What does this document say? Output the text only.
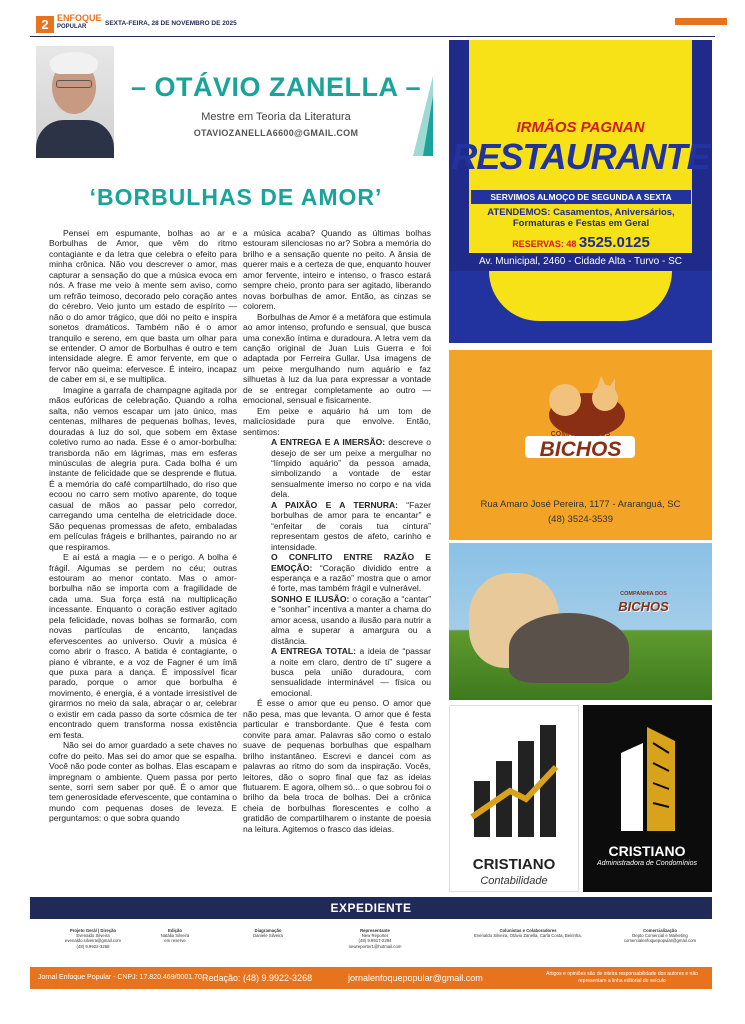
2 ENFOQUE
POPULAR	SEXTA-FEIRA, 28 DE NOVEMBRO DE 2025
– OTÁVIO ZANELLA –
Mestre em Teoria da Literatura
OTAVIOZANELLA6600@GMAIL.COM
‘BORBULHAS DE AMOR’

Pensei em espumante, bolhas ao ar e Borbulhas de Amor, que vêm do ritmo contagiante e da letra que celebra o efeito para minha crônica. Não vou descrever o amor, mas capturar a sensação do que a música evoca em nós. A frase me veio à mente sem aviso, como um refrão teimoso, decorado pelo coração antes do cérebro. Veio junto um estado de espírito — não o do amor trágico, que dói no peito e inspira sonetos dramáticos. Também não é o amor tranquilo e sereno, em que basta um olhar para se entender. O amor de Borbulhas é outro e tem intensidade alegre. É amor fervente, em que o fervor não queima: efervesce. É inteiro, incapaz de caber em si, e se multiplica.

Imagine a garrafa de champagne agitada por mãos eufóricas de celebração. Quando a rolha salta, não vemos escapar um jato único, mas centenas, milhares de pequenas bolhas, leves, douradas à luz do sol, que sobem em êxtase coletivo rumo ao nada. Esse é o amor-borbulha: transborda não em lágrimas, mas em esferas minúsculas de alegria pura. Cada bolha é um instante de felicidade que se desprende e flutua. É a memória do café compartilhado, do riso que ecoou no carro sem motivo aparente, do toque casual de mãos ao passar pelo corredor, carregando uma centelha de eletricidade doce. São pequenas promessas de afeto, embaladas em películas frágeis e brilhantes, pairando no ar que respiramos.

E aí está a magia — e o perigo. A bolha é frágil. Algumas se perdem no céu; outras estouram ao menor contato. Mas o amor-borbulha não se importa com a fragilidade de cada uma. Sua força está na multiplicação incessante. Enquanto o coração estiver agitado pela felicidade, novas bolhas se formarão, com novas partículas de encanto, lançadas efervescentes ao universo. Ouvir a música é como abrir o frasco. A batida é contagiante, o piano é vibrante, e a voz de Fagner é um ímã que puxa para a dança. É impossível ficar parado, porque o amor que borbulha é movimento, é energia, é a vontade irresistível de girarmos no meio da sala, abraçar o ar, celebrar o existir em cada passo da sorte cósmica de ter encontrado quem transforma nossa existência em festa.

Não sei do amor guardado a sete chaves no cofre do peito. Mas sei do amor que se espalha. Você não pode conter as bolhas. Elas escapam e impregnam o ambiente. Quem passa por perto sente, sorri sem saber por quê. É o amor que tem generosidade efervescente, que contamina o mundo com pequenas doses de leveza. E perguntamos: o que sobra quando

a música acaba? Quando as últimas bolhas estouram silenciosas no ar? Sobra a memória do brilho e a sensação quente no peito. A ânsia de querer mais e a certeza de que, enquanto houver amor fervente, inteiro e intenso, o frasco estará sempre cheio, pronto para ser agitado, liberando novas borbulhas de amor. Então, as cinzas se colorem.

Borbulhas de Amor é a metáfora que estimula ao amor intenso, profundo e sensual, que busca uma conexão íntima e duradoura. A letra vem da canção original de Juan Luis Guerra e foi adaptada por Ferreira Gullar. Usa imagens de um peixe mergulhando num aquário e faz silhuetas à luz da lua para expressar a vontade de se entregar completamente ao outro — emocional, sensual e fisicamente.

Em peixe e aquário há um tom de malicíosidade pura que envolve. Então, sentimos:

A ENTREGA E A IMERSÃO: descreve o desejo de ser um peixe a mergulhar no “límpido aquário” da pessoa amada, simbolizando a vontade de estar sensualmente imerso no corpo e na vida dela.

A PAIXÃO E A TERNURA: “Fazer borbulhas de amor para te encantar” e “enfeitar de corais tua cintura” representam gestos de afeto, carinho e intensidade.

O CONFLITO ENTRE RAZÃO E EMOÇÃO: “Coração dividido entre a esperança e a razão” mostra que o amor é forte, mas também frágil e vulnerável.

SONHO E ILUSÃO: o coração a “cantar” e “sonhar” incentiva a manter a chama do amor acesa, usando a ilusão para nutrir a alma e superar a amargura ou a distância.

A ENTREGA TOTAL: a ideia de “passar a noite em claro, dentro de ti” sugere a busca pela união duradoura, com sensualidade interminável — física ou emocional.

É esse o amor que eu penso. O amor que não pesa, mas que levanta. O amor que é festa particular e transbordante. Que é festa com convite para amar. Palavras são como o estalo suave de pequenas borbulhas que espalham brilho instantâneo. Escrevi e dancei com as palavras ao ritmo do som da inspiração. Vocês, leitores, dão o sopro final que faz as ideias flutuarem. E agora, olhem só... o que sobrou foi o brilho da bela troca de bolhas. Dei a crônica cheia de borbulhas florescentes e colho a gratidão de compartilharem o instante de poesia na leitura. Agitemos o frasco das ideias.

IRMÃOS PAGNAN
RESTAURANTE
SERVIMOS ALMOÇO DE SEGUNDA A SEXTA
ATENDEMOS: Casamentos, Aniversários, Formaturas e Festas em Geral
RESERVAS: 48 3525.0125
Av. Municipal, 2460 - Cidade Alta - Turvo - SC
COMPANHIA DOS
BICHOS
Rua Amaro José Pereira, 1177 - Araranguá, SC
(48) 3524-3539
COMPANHIA DOS
BICHOS
CRISTIANO
Contabilidade
CRISTIANO
Administradora de Condomínios
EXPEDIENTE
Projeto Gerál | Direção
Evenaldo Silveira
evenaldo.silveira@gmail.com
(48) 9.9922-3268
Edição
Natália Silveira
em reserve
Diagramação
Daniele Silveira
Representante
New Reporter
(48) 9.9917-2294
newreporter1@hotmail.com
Colunistas e Colaboradores
Evenaldo Silveira, Otávio Zanella, Carla Costa, Beirinha.
Comercialização
Depto Comercial e Marketing
comercialenfoquepopular@gmail.com
Jornal Enfoque Popular - CNPJ: 17.820.469/0001.70 Redação: (48) 9.9922-3268	jornalenfoquepopular@gmail.com	Artigos e opiniões são de inteira responsabilidade dos autores e não representam a linha editorial do veículo
